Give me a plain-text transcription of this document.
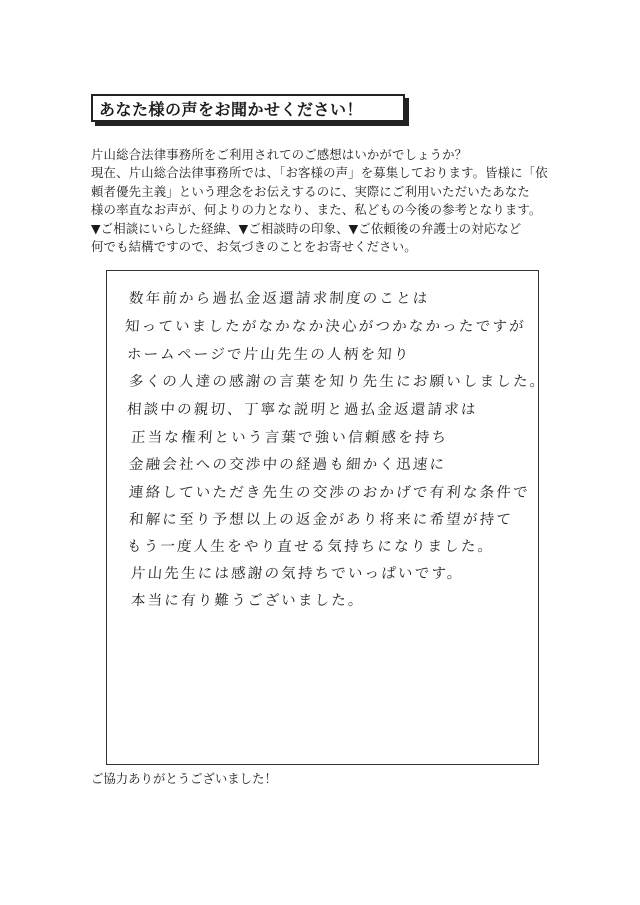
あなた様の声をお聞かせください！
片山総合法律事務所をご利用されてのご感想はいかがでしょうか？
現在、片山総合法律事務所では、「お客様の声」を募集しております。皆様に「依
頼者優先主義」という理念をお伝えするのに、実際にご利用いただいたあなた
様の率直なお声が、何よりの力となり、また、私どもの今後の参考となります。
▼ご相談にいらした経緯、▼ご相談時の印象、▼ご依頼後の弁護士の対応など
何でも結構ですので、お気づきのことをお寄せください。
数年前から過払金返還請求制度のことは
知っていましたがなかなか決心がつかなかったですが
ホームページで片山先生の人柄を知り
多くの人達の感謝の言葉を知り先生にお願いしました。
相談中の親切、丁寧な説明と過払金返還請求は
正当な権利という言葉で強い信頼感を持ち
金融会社への交渉中の経過も細かく迅速に
連絡していただき先生の交渉のおかげで有利な条件で
和解に至り予想以上の返金があり将来に希望が持て
もう一度人生をやり直せる気持ちになりました。
片山先生には感謝の気持ちでいっぱいです。
本当に有り難うございました。
ご協力ありがとうございました！
